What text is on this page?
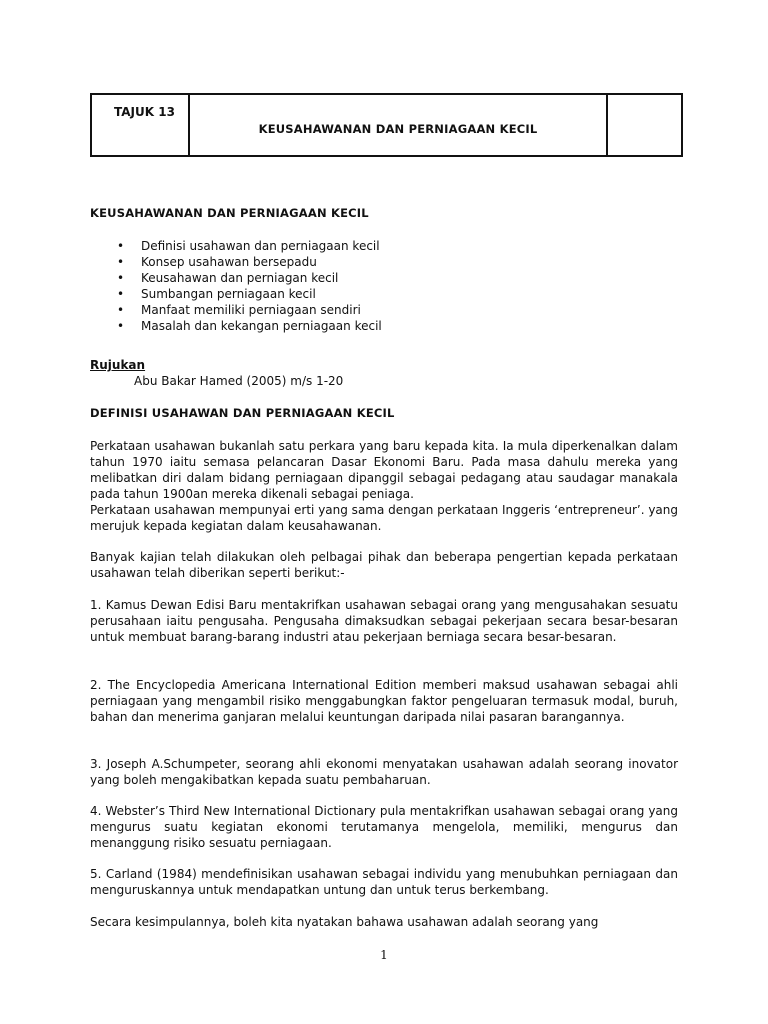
TAJUK 13
KEUSAHAWANAN DAN PERNIAGAAN KECIL
KEUSAHAWANAN DAN PERNIAGAAN KECIL
• Definisi usahawan dan perniagaan kecil
• Konsep usahawan bersepadu
• Keusahawan dan perniagan kecil
• Sumbangan perniagaan kecil
• Manfaat memiliki perniagaan sendiri
• Masalah dan kekangan perniagaan kecil
Rujukan
Abu Bakar Hamed (2005) m/s 1-20
DEFINISI USAHAWAN DAN PERNIAGAAN KECIL

Perkataan usahawan bukanlah satu perkara yang baru kepada kita. Ia mula diperkenalkan dalam tahun 1970 iaitu semasa pelancaran Dasar Ekonomi Baru. Pada masa dahulu mereka yang melibatkan diri dalam bidang perniagaan dipanggil sebagai pedagang atau saudagar manakala pada tahun 1900an mereka dikenali sebagai peniaga.

Perkataan usahawan mempunyai erti yang sama dengan perkataan Inggeris ‘entrepreneur’. yang merujuk kepada kegiatan dalam keusahawanan.

Banyak kajian telah dilakukan oleh pelbagai pihak dan beberapa pengertian kepada perkataan usahawan telah diberikan seperti berikut:-

1. Kamus Dewan Edisi Baru mentakrifkan usahawan sebagai orang yang mengusahakan sesuatu perusahaan iaitu pengusaha. Pengusaha dimaksudkan sebagai pekerjaan secara besar-besaran untuk membuat barang-barang industri atau pekerjaan berniaga secara besar-besaran.

2. The Encyclopedia Americana International Edition memberi maksud usahawan sebagai ahli perniagaan yang mengambil risiko menggabungkan faktor pengeluaran termasuk modal, buruh, bahan dan menerima ganjaran melalui keuntungan daripada nilai pasaran barangannya.

3. Joseph A.Schumpeter, seorang ahli ekonomi menyatakan usahawan adalah seorang inovator yang boleh mengakibatkan kepada suatu pembaharuan.

4. Webster’s Third New International Dictionary pula mentakrifkan usahawan sebagai orang yang mengurus suatu kegiatan ekonomi terutamanya mengelola, memiliki, mengurus dan menanggung risiko sesuatu perniagaan.

5. Carland (1984) mendefinisikan usahawan sebagai individu yang menubuhkan perniagaan dan menguruskannya untuk mendapatkan untung dan untuk terus berkembang.

Secara kesimpulannya, boleh kita nyatakan bahawa usahawan adalah seorang yang

1
